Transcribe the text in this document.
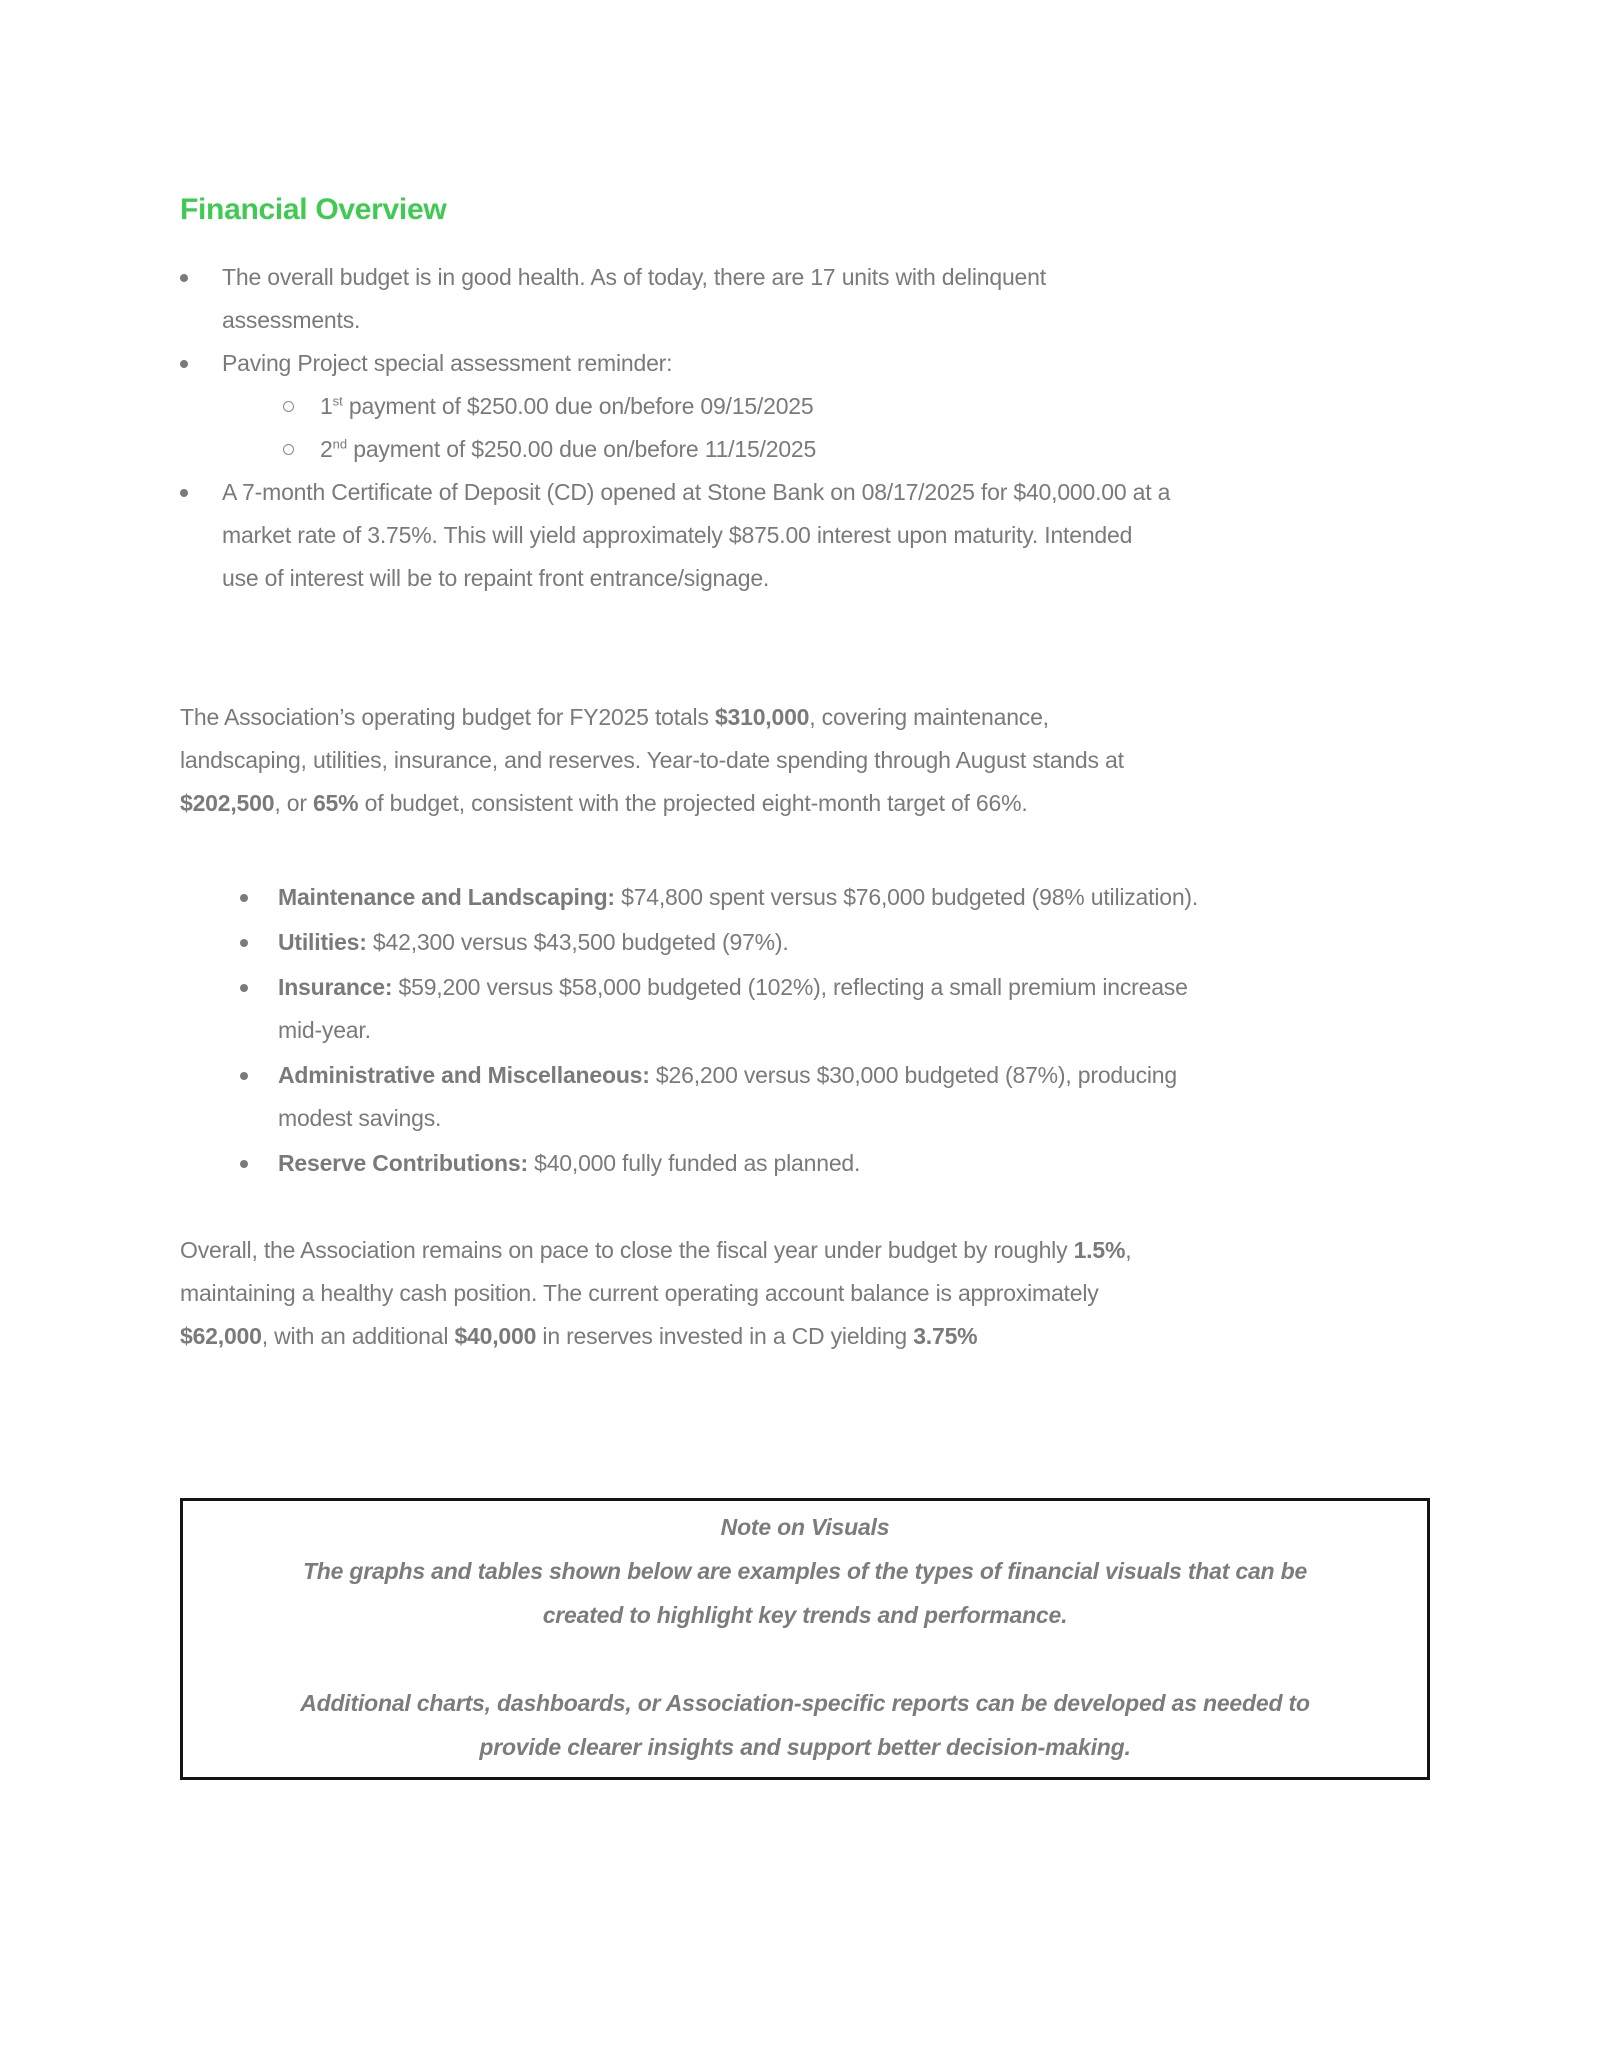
Financial Overview
The overall budget is in good health. As of today, there are 17 units with delinquent
assessments.
Paving Project special assessment reminder:
1st payment of $250.00 due on/before 09/15/2025
2nd payment of $250.00 due on/before 11/15/2025
A 7-month Certificate of Deposit (CD) opened at Stone Bank on 08/17/2025 for $40,000.00 at a
market rate of 3.75%. This will yield approximately $875.00 interest upon maturity. Intended
use of interest will be to repaint front entrance/signage.
The Association’s operating budget for FY2025 totals $310,000, covering maintenance,
landscaping, utilities, insurance, and reserves. Year-to-date spending through August stands at
$202,500, or 65% of budget, consistent with the projected eight-month target of 66%.
Maintenance and Landscaping: $74,800 spent versus $76,000 budgeted (98% utilization).
Utilities: $42,300 versus $43,500 budgeted (97%).
Insurance: $59,200 versus $58,000 budgeted (102%), reflecting a small premium increase
mid-year.
Administrative and Miscellaneous: $26,200 versus $30,000 budgeted (87%), producing
modest savings.
Reserve Contributions: $40,000 fully funded as planned.
Overall, the Association remains on pace to close the fiscal year under budget by roughly 1.5%,
maintaining a healthy cash position. The current operating account balance is approximately
$62,000, with an additional $40,000 in reserves invested in a CD yielding 3.75%
Note on Visuals
The graphs and tables shown below are examples of the types of financial visuals that can be
created to highlight key trends and performance.
Additional charts, dashboards, or Association-specific reports can be developed as needed to
provide clearer insights and support better decision-making.
